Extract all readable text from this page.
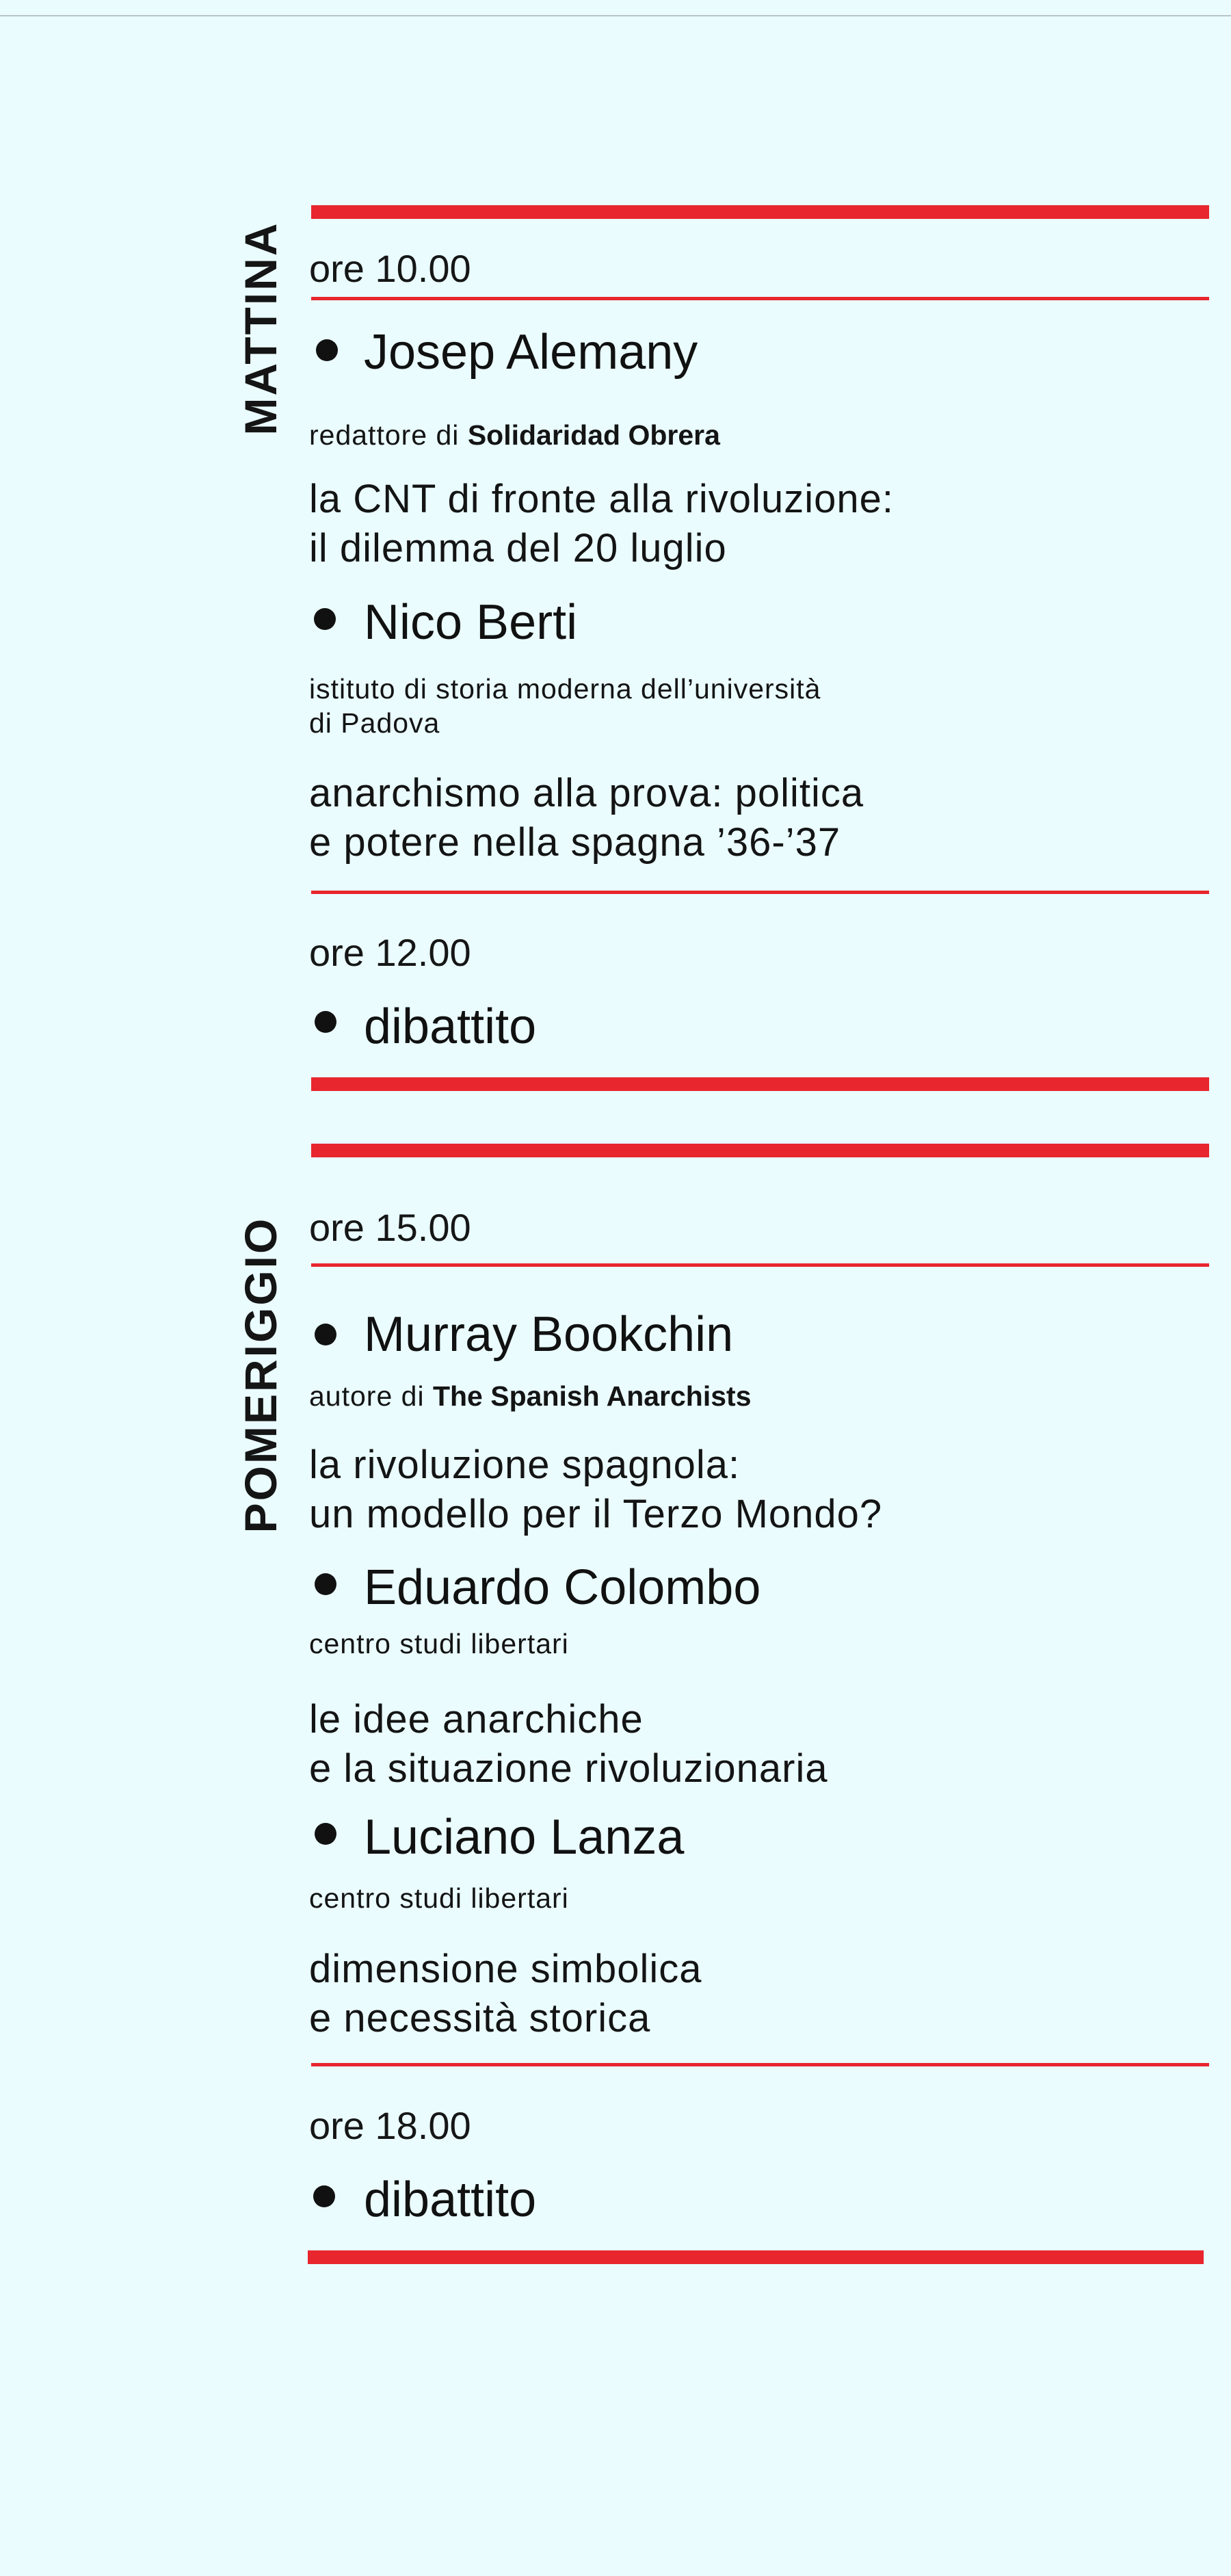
MATTINA ore 10.00
Josep Alemany
redattore di Solidaridad Obrera
la CNT di fronte alla rivoluzione:
il dilemma del 20 luglio
Nico Berti
istituto di storia moderna dell’università
di Padova
anarchismo alla prova: politica
e potere nella spagna ’36-’37
ore 12.00
dibattito
POMERIGGIO ore 15.00
Murray Bookchin
autore di The Spanish Anarchists
la rivoluzione spagnola:
un modello per il Terzo Mondo?
Eduardo Colombo
centro studi libertari
le idee anarchiche
e la situazione rivoluzionaria
Luciano Lanza
centro studi libertari
dimensione simbolica
e necessità storica
ore 18.00
dibattito
